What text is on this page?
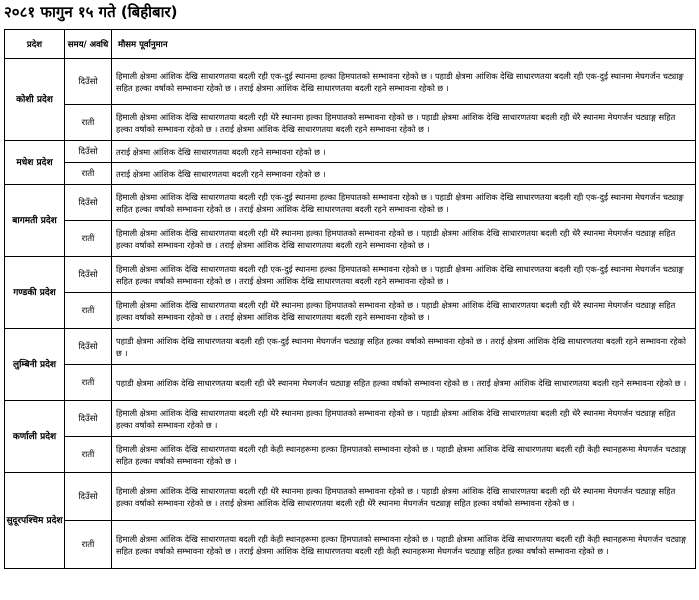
२०८१ फागुन १५ गते (बिहीबार)
प्रदेश	समय/ अवधि	मौसम पूर्वानुमान
कोशी प्रदेश	दिउँसो	हिमाली क्षेत्रमा आंशिक देखि साधारणतया बदली रही एक-दुई स्थानमा हल्का हिमपातको सम्भावना रहेको छ । पहाडी क्षेत्रमा आंशिक देखि साधारणतया बदली रही एक-दुई स्थानमा मेघगर्जन चट्याङ्ग सहित हल्का वर्षाको सम्भावना रहेको छ । तराई क्षेत्रमा आंशिक देखि साधारणतया बदली रहने सम्भावना रहेको छ ।
	राती	हिमाली क्षेत्रमा आंशिक देखि साधारणतया बदली रही धेरै स्थानमा हल्का हिमपातको सम्भावना रहेको छ । पहाडी क्षेत्रमा आंशिक देखि साधारणतया बदली रही धेरै स्थानमा मेघगर्जन चट्याङ्ग सहित हल्का वर्षाको सम्भावना रहेको छ । तराई क्षेत्रमा आंशिक देखि साधारणतया बदली रहने सम्भावना रहेको छ ।
मधेश प्रदेश	दिउँसो	तराई क्षेत्रमा आंशिक देखि साधारणतया बदली रहने सम्भावना रहेको छ ।
	राती	तराई क्षेत्रमा आंशिक देखि साधारणतया बदली रहने सम्भावना रहेको छ ।
बागमती प्रदेश	दिउँसो	हिमाली क्षेत्रमा आंशिक देखि साधारणतया बदली रही एक-दुई स्थानमा हल्का हिमपातको सम्भावना रहेको छ । पहाडी क्षेत्रमा आंशिक देखि साधारणतया बदली रही एक-दुई स्थानमा मेघगर्जन चट्याङ्ग सहित हल्का वर्षाको सम्भावना रहेको छ । तराई क्षेत्रमा आंशिक देखि साधारणतया बदली रहने सम्भावना रहेको छ ।
	राती	हिमाली क्षेत्रमा आंशिक देखि साधारणतया बदली रही धेरै स्थानमा हल्का हिमपातको सम्भावना रहेको छ । पहाडी क्षेत्रमा आंशिक देखि साधारणतया बदली रही धेरै स्थानमा मेघगर्जन चट्याङ्ग सहित हल्का वर्षाको सम्भावना रहेको छ । तराई क्षेत्रमा आंशिक देखि साधारणतया बदली रहने सम्भावना रहेको छ ।
गण्डकी प्रदेश	दिउँसो	हिमाली क्षेत्रमा आंशिक देखि साधारणतया बदली रही एक-दुई स्थानमा हल्का हिमपातको सम्भावना रहेको छ । पहाडी क्षेत्रमा आंशिक देखि साधारणतया बदली रही एक-दुई स्थानमा मेघगर्जन चट्याङ्ग सहित हल्का वर्षाको सम्भावना रहेको छ । तराई क्षेत्रमा आंशिक देखि साधारणतया बदली रहने सम्भावना रहेको छ ।
	राती	हिमाली क्षेत्रमा आंशिक देखि साधारणतया बदली रही धेरै स्थानमा हल्का हिमपातको सम्भावना रहेको छ । पहाडी क्षेत्रमा आंशिक देखि साधारणतया बदली रही धेरै स्थानमा मेघगर्जन चट्याङ्ग सहित हल्का वर्षाको सम्भावना रहेको छ । तराई क्षेत्रमा आंशिक देखि साधारणतया बदली रहने सम्भावना रहेको छ ।
लुम्बिनी प्रदेश	दिउँसो	पहाडी क्षेत्रमा आंशिक देखि साधारणतया बदली रही एक-दुई स्थानमा मेघगर्जन चट्याङ्ग सहित हल्का वर्षाको सम्भावना रहेको छ । तराई क्षेत्रमा आंशिक देखि साधारणतया बदली रहने सम्भावना रहेको छ ।
	राती	पहाडी क्षेत्रमा आंशिक देखि साधारणतया बदली रही धेरै स्थानमा मेघगर्जन चट्याङ्ग सहित हल्का वर्षाको सम्भावना रहेको छ । तराई क्षेत्रमा आंशिक देखि साधारणतया बदली रहने सम्भावना रहेको छ ।
कर्णाली प्रदेश	दिउँसो	हिमाली क्षेत्रमा आंशिक देखि साधारणतया बदली रही धेरै स्थानमा हल्का हिमपातको सम्भावना रहेको छ । पहाडी क्षेत्रमा आंशिक देखि साधारणतया बदली रही धेरै स्थानमा मेघगर्जन चट्याङ्ग सहित हल्का वर्षाको सम्भावना रहेको छ ।
	राती	हिमाली क्षेत्रमा आंशिक देखि साधारणतया बदली रही केही स्थानहरूमा हल्का हिमपातको सम्भावना रहेको छ । पहाडी क्षेत्रमा आंशिक देखि साधारणतया बदली रही केही स्थानहरूमा मेघगर्जन चट्याङ्ग सहित हल्का वर्षाको सम्भावना रहेको छ ।
सुदूरपश्चिम प्रदेश	दिउँसो	हिमाली क्षेत्रमा आंशिक देखि साधारणतया बदली रही धेरै स्थानमा हल्का हिमपातको सम्भावना रहेको छ । पहाडी क्षेत्रमा आंशिक देखि साधारणतया बदली रही धेरै स्थानमा मेघगर्जन चट्याङ्ग सहित हल्का वर्षाको सम्भावना रहेको छ । तराई क्षेत्रमा आंशिक देखि साधारणतया बदली रही धेरै स्थानमा मेघगर्जन चट्याङ्ग सहित हल्का वर्षाको सम्भावना रहेको छ ।
	राती	हिमाली क्षेत्रमा आंशिक देखि साधारणतया बदली रही केही स्थानहरूमा हल्का हिमपातको सम्भावना रहेको छ । पहाडी क्षेत्रमा आंशिक देखि साधारणतया बदली रही केही स्थानहरूमा मेघगर्जन चट्याङ्ग सहित हल्का वर्षाको सम्भावना रहेको छ । तराई क्षेत्रमा आंशिक देखि साधारणतया बदली रही केही स्थानहरूमा मेघगर्जन चट्याङ्ग सहित हल्का वर्षाको सम्भावना रहेको छ ।
